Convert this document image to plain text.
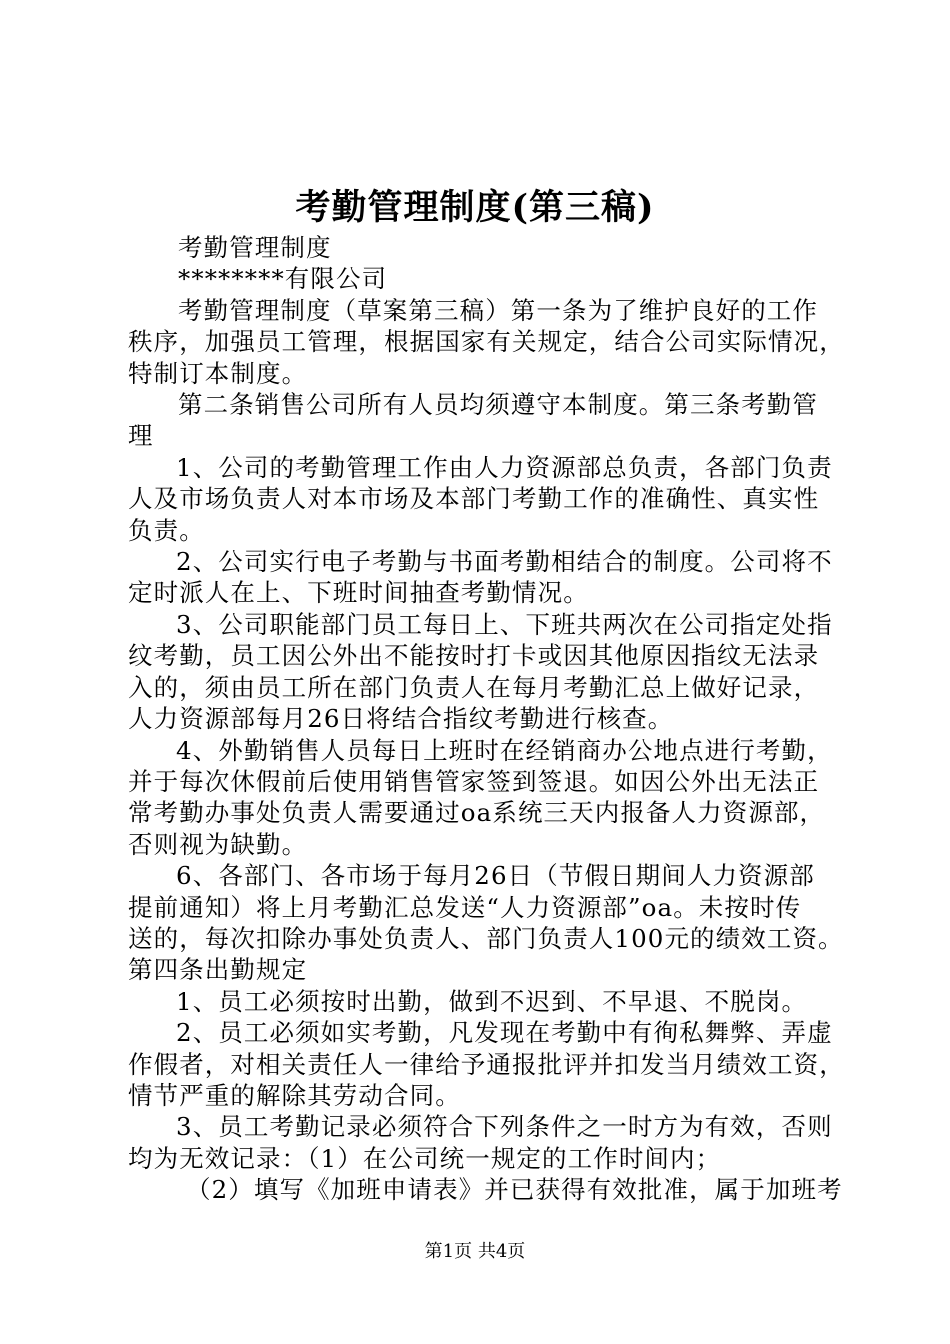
考勤管理制度(第三稿)

考勤管理制度

********有限公司

考勤管理制度（草案第三稿）第一条为了维护良好的工作

秩序，加强员工管理，根据国家有关规定，结合公司实际情况，

特制订本制度。

第二条销售公司所有人员均须遵守本制度。第三条考勤管

理

1、公司的考勤管理工作由人力资源部总负责，各部门负责

人及市场负责人对本市场及本部门考勤工作的准确性、真实性

负责。

2、公司实行电子考勤与书面考勤相结合的制度。公司将不

定时派人在上、下班时间抽查考勤情况。

3、公司职能部门员工每日上、下班共两次在公司指定处指

纹考勤，员工因公外出不能按时打卡或因其他原因指纹无法录

入的，须由员工所在部门负责人在每月考勤汇总上做好记录，

人力资源部每月26日将结合指纹考勤进行核查。

4、外勤销售人员每日上班时在经销商办公地点进行考勤，

并于每次休假前后使用销售管家签到签退。如因公外出无法正

常考勤办事处负责人需要通过oa系统三天内报备人力资源部，

否则视为缺勤。

6、各部门、各市场于每月26日（节假日期间人力资源部

提前通知）将上月考勤汇总发送“人力资源部”oa。未按时传

送的，每次扣除办事处负责人、部门负责人100元的绩效工资。

第四条出勤规定

1、员工必须按时出勤，做到不迟到、不早退、不脱岗。

2、员工必须如实考勤，凡发现在考勤中有徇私舞弊、弄虚

作假者，对相关责任人一律给予通报批评并扣发当月绩效工资，

情节严重的解除其劳动合同。

3、员工考勤记录必须符合下列条件之一时方为有效，否则

均为无效记录：（1）在公司统一规定的工作时间内；

（2）填写《加班申请表》并已获得有效批准，属于加班考

第1页 共4页
